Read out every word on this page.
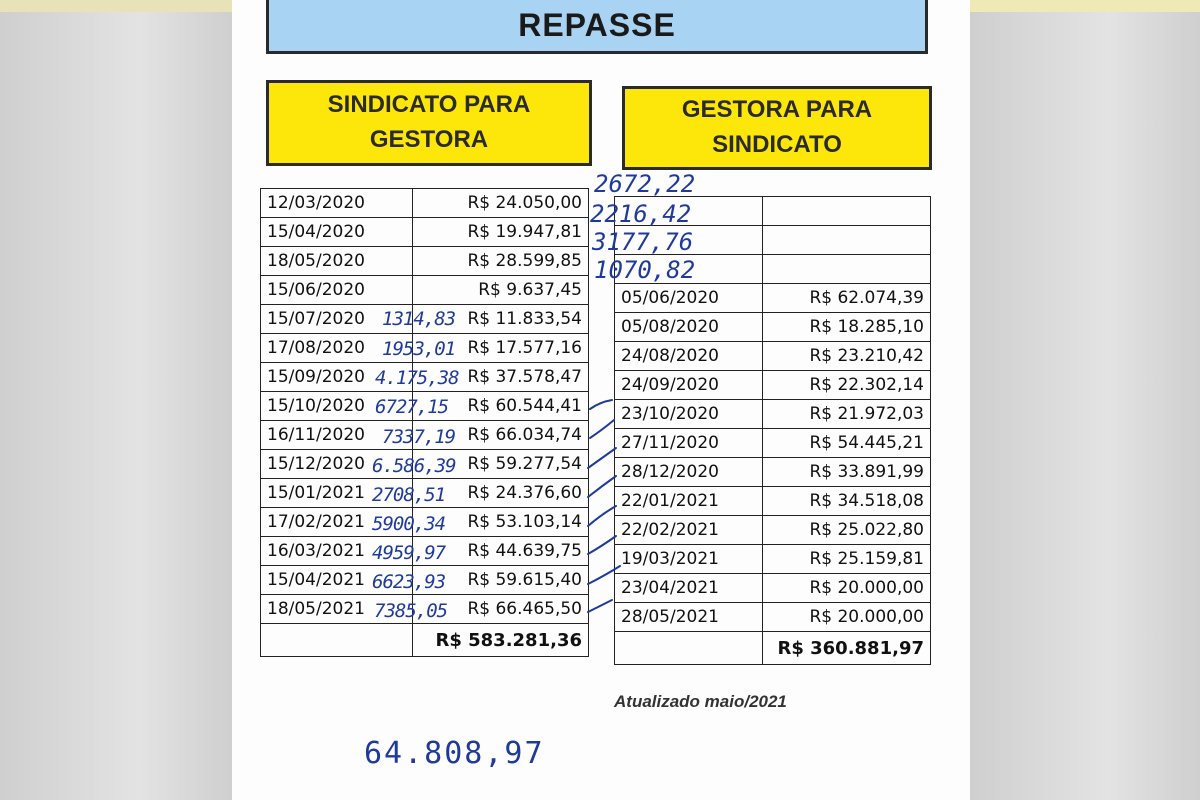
REPASSE
SINDICATO PARA
GESTORA
GESTORA PARA
SINDICATO
12/03/2020	R$ 24.050,00
15/04/2020	R$ 19.947,81
18/05/2020	R$ 28.599,85
15/06/2020	R$ 9.637,45
15/07/2020	R$ 11.833,54
17/08/2020	R$ 17.577,16
15/09/2020	R$ 37.578,47
15/10/2020	R$ 60.544,41
16/11/2020	R$ 66.034,74
15/12/2020	R$ 59.277,54
15/01/2021	R$ 24.376,60
17/02/2021	R$ 53.103,14
16/03/2021	R$ 44.639,75
15/04/2021	R$ 59.615,40
18/05/2021	R$ 66.465,50
	R$ 583.281,36

05/06/2020	R$ 62.074,39
05/08/2020	R$ 18.285,10
24/08/2020	R$ 23.210,42
24/09/2020	R$ 22.302,14
23/10/2020	R$ 21.972,03
27/11/2020	R$ 54.445,21
28/12/2020	R$ 33.891,99
22/01/2021	R$ 34.518,08
22/02/2021	R$ 25.022,80
19/03/2021	R$ 25.159,81
23/04/2021	R$ 20.000,00
28/05/2021	R$ 20.000,00
	R$ 360.881,97
2672,22
2216,42
3177,76
1070,82
1314,83
1953,01
4.175,38
6727,15
7337,19
6.586,39
2708,51
5900,34
4959,97
6623,93
7385,05
Atualizado maio/2021
64.808,97
